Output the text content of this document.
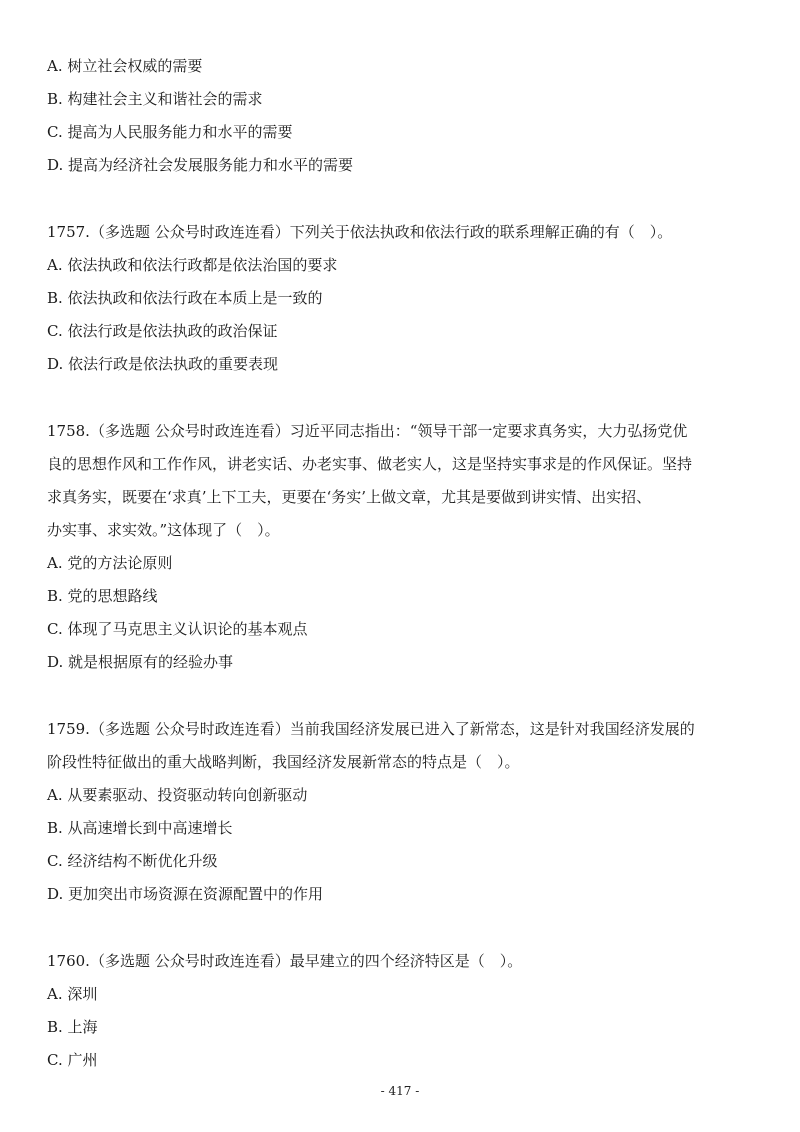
A. 树立社会权威的需要
B. 构建社会主义和谐社会的需求
C. 提高为人民服务能力和水平的需要
D. 提高为经济社会发展服务能力和水平的需要
1757.（多选题 公众号时政连连看）下列关于依法执政和依法行政的联系理解正确的有（　）。
A. 依法执政和依法行政都是依法治国的要求
B. 依法执政和依法行政在本质上是一致的
C. 依法行政是依法执政的政治保证
D. 依法行政是依法执政的重要表现
1758.（多选题 公众号时政连连看）习近平同志指出：“领导干部一定要求真务实，大力弘扬党优
良的思想作风和工作作风，讲老实话、办老实事、做老实人，这是坚持实事求是的作风保证。坚持
求真务实，既要在‘求真’上下工夫，更要在‘务实’上做文章，尤其是要做到讲实情、出实招、
办实事、求实效。”这体现了（　）。
A. 党的方法论原则
B. 党的思想路线
C. 体现了马克思主义认识论的基本观点
D. 就是根据原有的经验办事
1759.（多选题 公众号时政连连看）当前我国经济发展已进入了新常态，这是针对我国经济发展的
阶段性特征做出的重大战略判断，我国经济发展新常态的特点是（　）。
A. 从要素驱动、投资驱动转向创新驱动
B. 从高速增长到中高速增长
C. 经济结构不断优化升级
D. 更加突出市场资源在资源配置中的作用
1760.（多选题 公众号时政连连看）最早建立的四个经济特区是（　）。
A. 深圳
B. 上海
C. 广州
- 417 -
